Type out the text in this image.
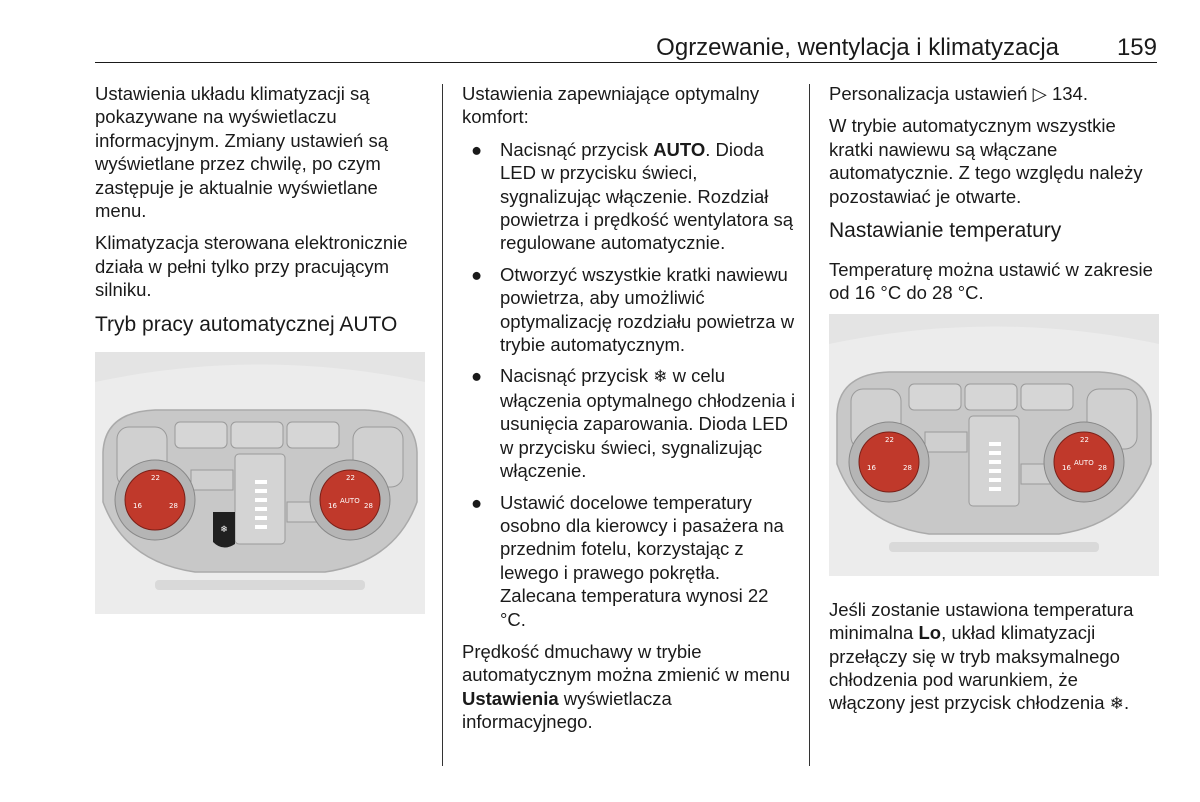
Ogrzewanie, wentylacja i klimatyzacja 159

Ustawienia układu klimatyzacji są pokazywane na wyświetlaczu informacyjnym. Zmiany ustawień są wyświetlane przez chwilę, po czym zastępuje je aktualnie wyświetlane menu.

Klimatyzacja sterowana elektronicznie działa w pełni tylko przy pracującym silniku.

Tryb pracy automatycznej AUTO
❄
16
22
28	16
22
28
AUTO

Ustawienia zapewniające optymalny komfort:

● Nacisnąć przycisk AUTO. Dioda LED w przycisku świeci, sygnalizując włączenie. Rozdział powietrza i prędkość wentylatora są regulowane automatycznie.
● Otworzyć wszystkie kratki nawiewu powietrza, aby umożliwić optymalizację rozdziału powietrza w trybie automatycznym.
● Nacisnąć przycisk ❄ w celu włączenia optymalnego chłodzenia i usunięcia zaparowania. Dioda LED w przycisku świeci, sygnalizując włączenie.
● Ustawić docelowe temperatury osobno dla kierowcy i pasażera na przednim fotelu, korzystając z lewego i prawego pokrętła. Zalecana temperatura wynosi 22 °C.

Prędkość dmuchawy w trybie automatycznym można zmienić w menu Ustawienia wyświetlacza informacyjnego.

Personalizacja ustawień ▷ 134.

W trybie automatycznym wszystkie kratki nawiewu są włączane automatycznie. Z tego względu należy pozostawiać je otwarte.

Nastawianie temperatury

Temperaturę można ustawić w zakresie od 16 °C do 28 °C.

16
22
28	16
22
28
AUTO

Jeśli zostanie ustawiona temperatura minimalna Lo, układ klimatyzacji przełączy się w tryb maksymalnego chłodzenia pod warunkiem, że włączony jest przycisk chłodzenia ❄.
